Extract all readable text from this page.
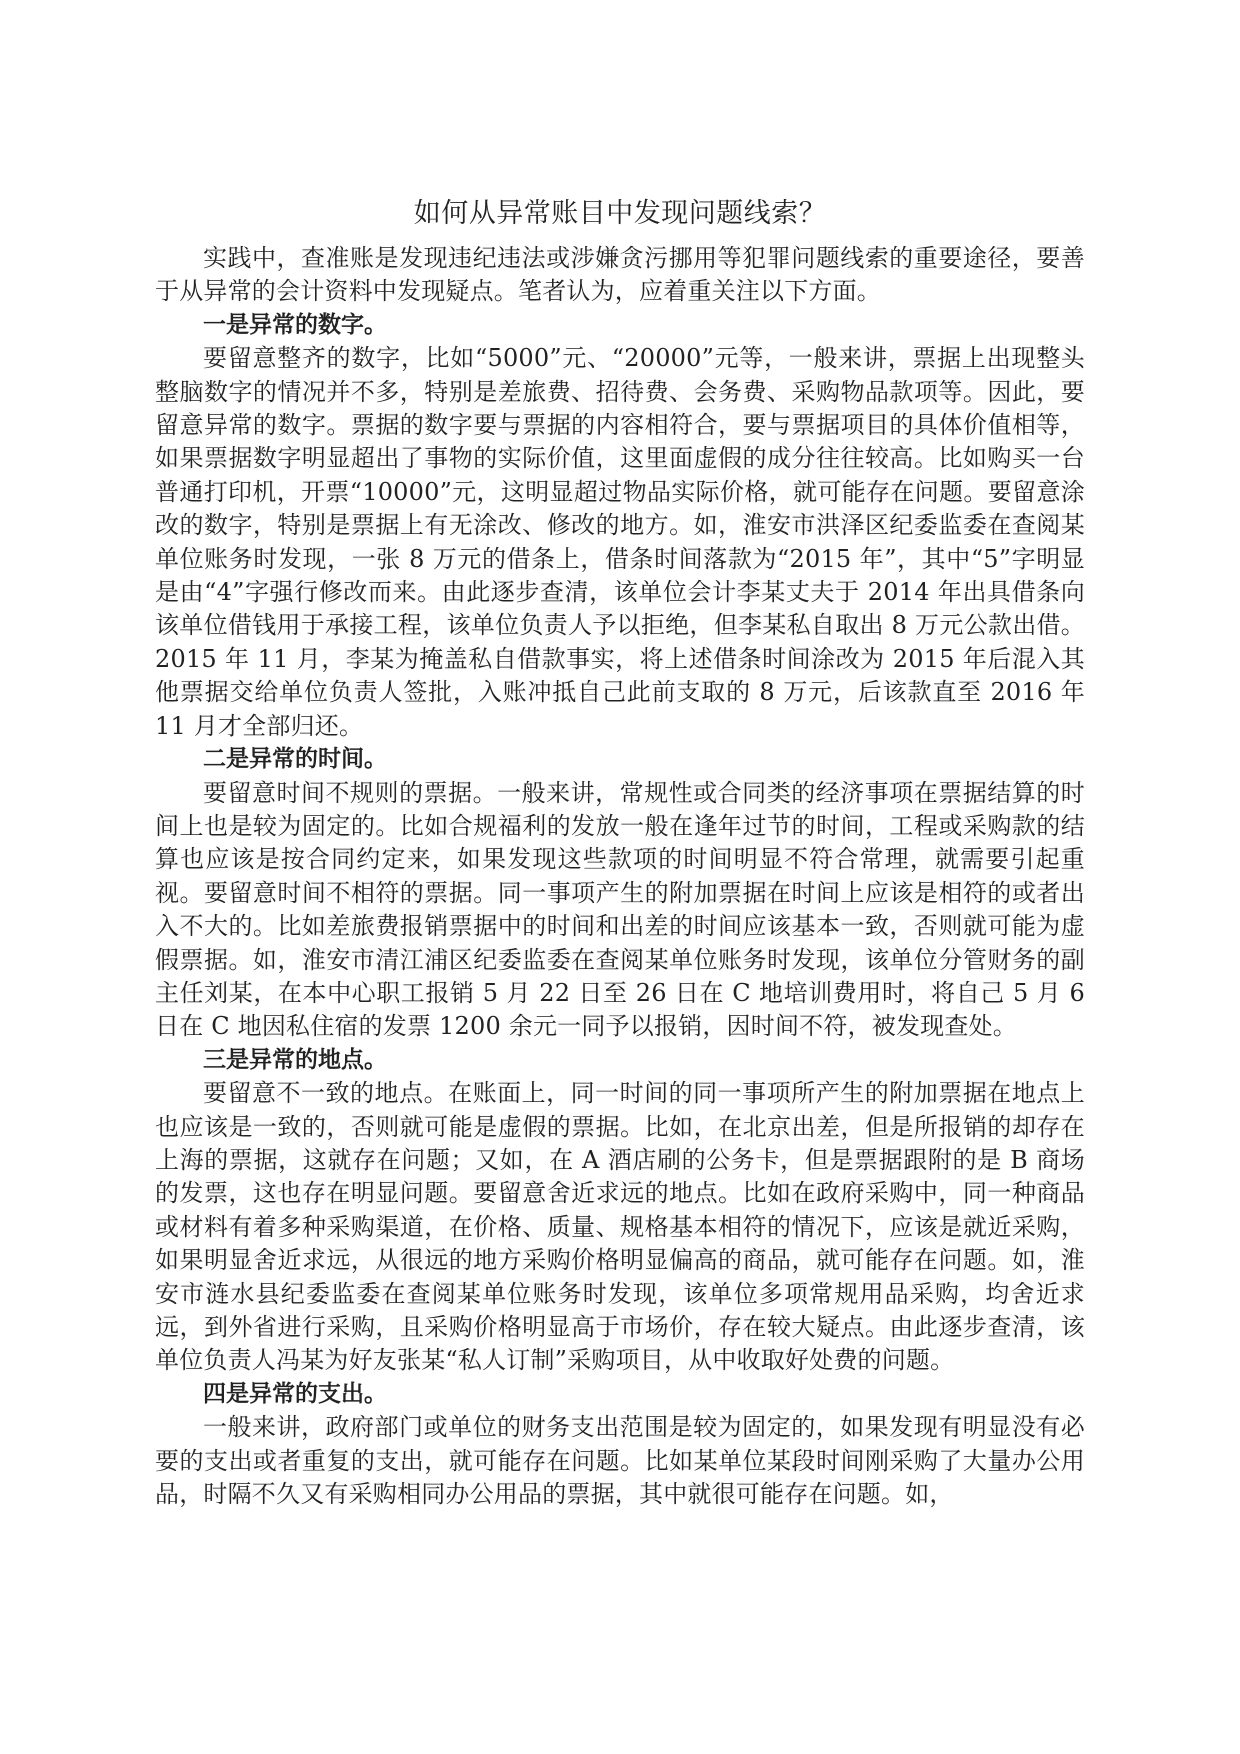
如何从异常账目中发现问题线索？

实践中，查准账是发现违纪违法或涉嫌贪污挪用等犯罪问题线索的重要途径，要善于从异常的会计资料中发现疑点。笔者认为，应着重关注以下方面。

一是异常的数字。

要留意整齐的数字，比如“5000”元、“20000”元等，一般来讲，票据上出现整头整脑数字的情况并不多，特别是差旅费、招待费、会务费、采购物品款项等。因此，要留意异常的数字。票据的数字要与票据的内容相符合，要与票据项目的具体价值相等，如果票据数字明显超出了事物的实际价值，这里面虚假的成分往往较高。比如购买一台普通打印机，开票“10000”元，这明显超过物品实际价格，就可能存在问题。要留意涂改的数字，特别是票据上有无涂改、修改的地方。如，淮安市洪泽区纪委监委在查阅某单位账务时发现，一张 8 万元的借条上，借条时间落款为“2015 年”，其中“5”字明显是由“4”字强行修改而来。由此逐步查清，该单位会计李某丈夫于 2014 年出具借条向该单位借钱用于承接工程，该单位负责人予以拒绝，但李某私自取出 8 万元公款出借。2015 年 11 月，李某为掩盖私自借款事实，将上述借条时间涂改为 2015 年后混入其他票据交给单位负责人签批，入账冲抵自己此前支取的 8 万元，后该款直至 2016 年 11 月才全部归还。

二是异常的时间。

要留意时间不规则的票据。一般来讲，常规性或合同类的经济事项在票据结算的时间上也是较为固定的。比如合规福利的发放一般在逢年过节的时间，工程或采购款的结算也应该是按合同约定来，如果发现这些款项的时间明显不符合常理，就需要引起重视。要留意时间不相符的票据。同一事项产生的附加票据在时间上应该是相符的或者出入不大的。比如差旅费报销票据中的时间和出差的时间应该基本一致，否则就可能为虚假票据。如，淮安市清江浦区纪委监委在查阅某单位账务时发现，该单位分管财务的副主任刘某，在本中心职工报销 5 月 22 日至 26 日在 C 地培训费用时，将自己 5 月 6 日在 C 地因私住宿的发票 1200 余元一同予以报销，因时间不符，被发现查处。

三是异常的地点。

要留意不一致的地点。在账面上，同一时间的同一事项所产生的附加票据在地点上也应该是一致的，否则就可能是虚假的票据。比如，在北京出差，但是所报销的却存在上海的票据，这就存在问题；又如，在 A 酒店刷的公务卡，但是票据跟附的是 B 商场的发票，这也存在明显问题。要留意舍近求远的地点。比如在政府采购中，同一种商品或材料有着多种采购渠道，在价格、质量、规格基本相符的情况下，应该是就近采购，如果明显舍近求远，从很远的地方采购价格明显偏高的商品，就可能存在问题。如，淮安市涟水县纪委监委在查阅某单位账务时发现，该单位多项常规用品采购，均舍近求远，到外省进行采购，且采购价格明显高于市场价，存在较大疑点。由此逐步查清，该单位负责人冯某为好友张某“私人订制”采购项目，从中收取好处费的问题。

四是异常的支出。

一般来讲，政府部门或单位的财务支出范围是较为固定的，如果发现有明显没有必要的支出或者重复的支出，就可能存在问题。比如某单位某段时间刚采购了大量办公用品，时隔不久又有采购相同办公用品的票据，其中就很可能存在问题。如，
